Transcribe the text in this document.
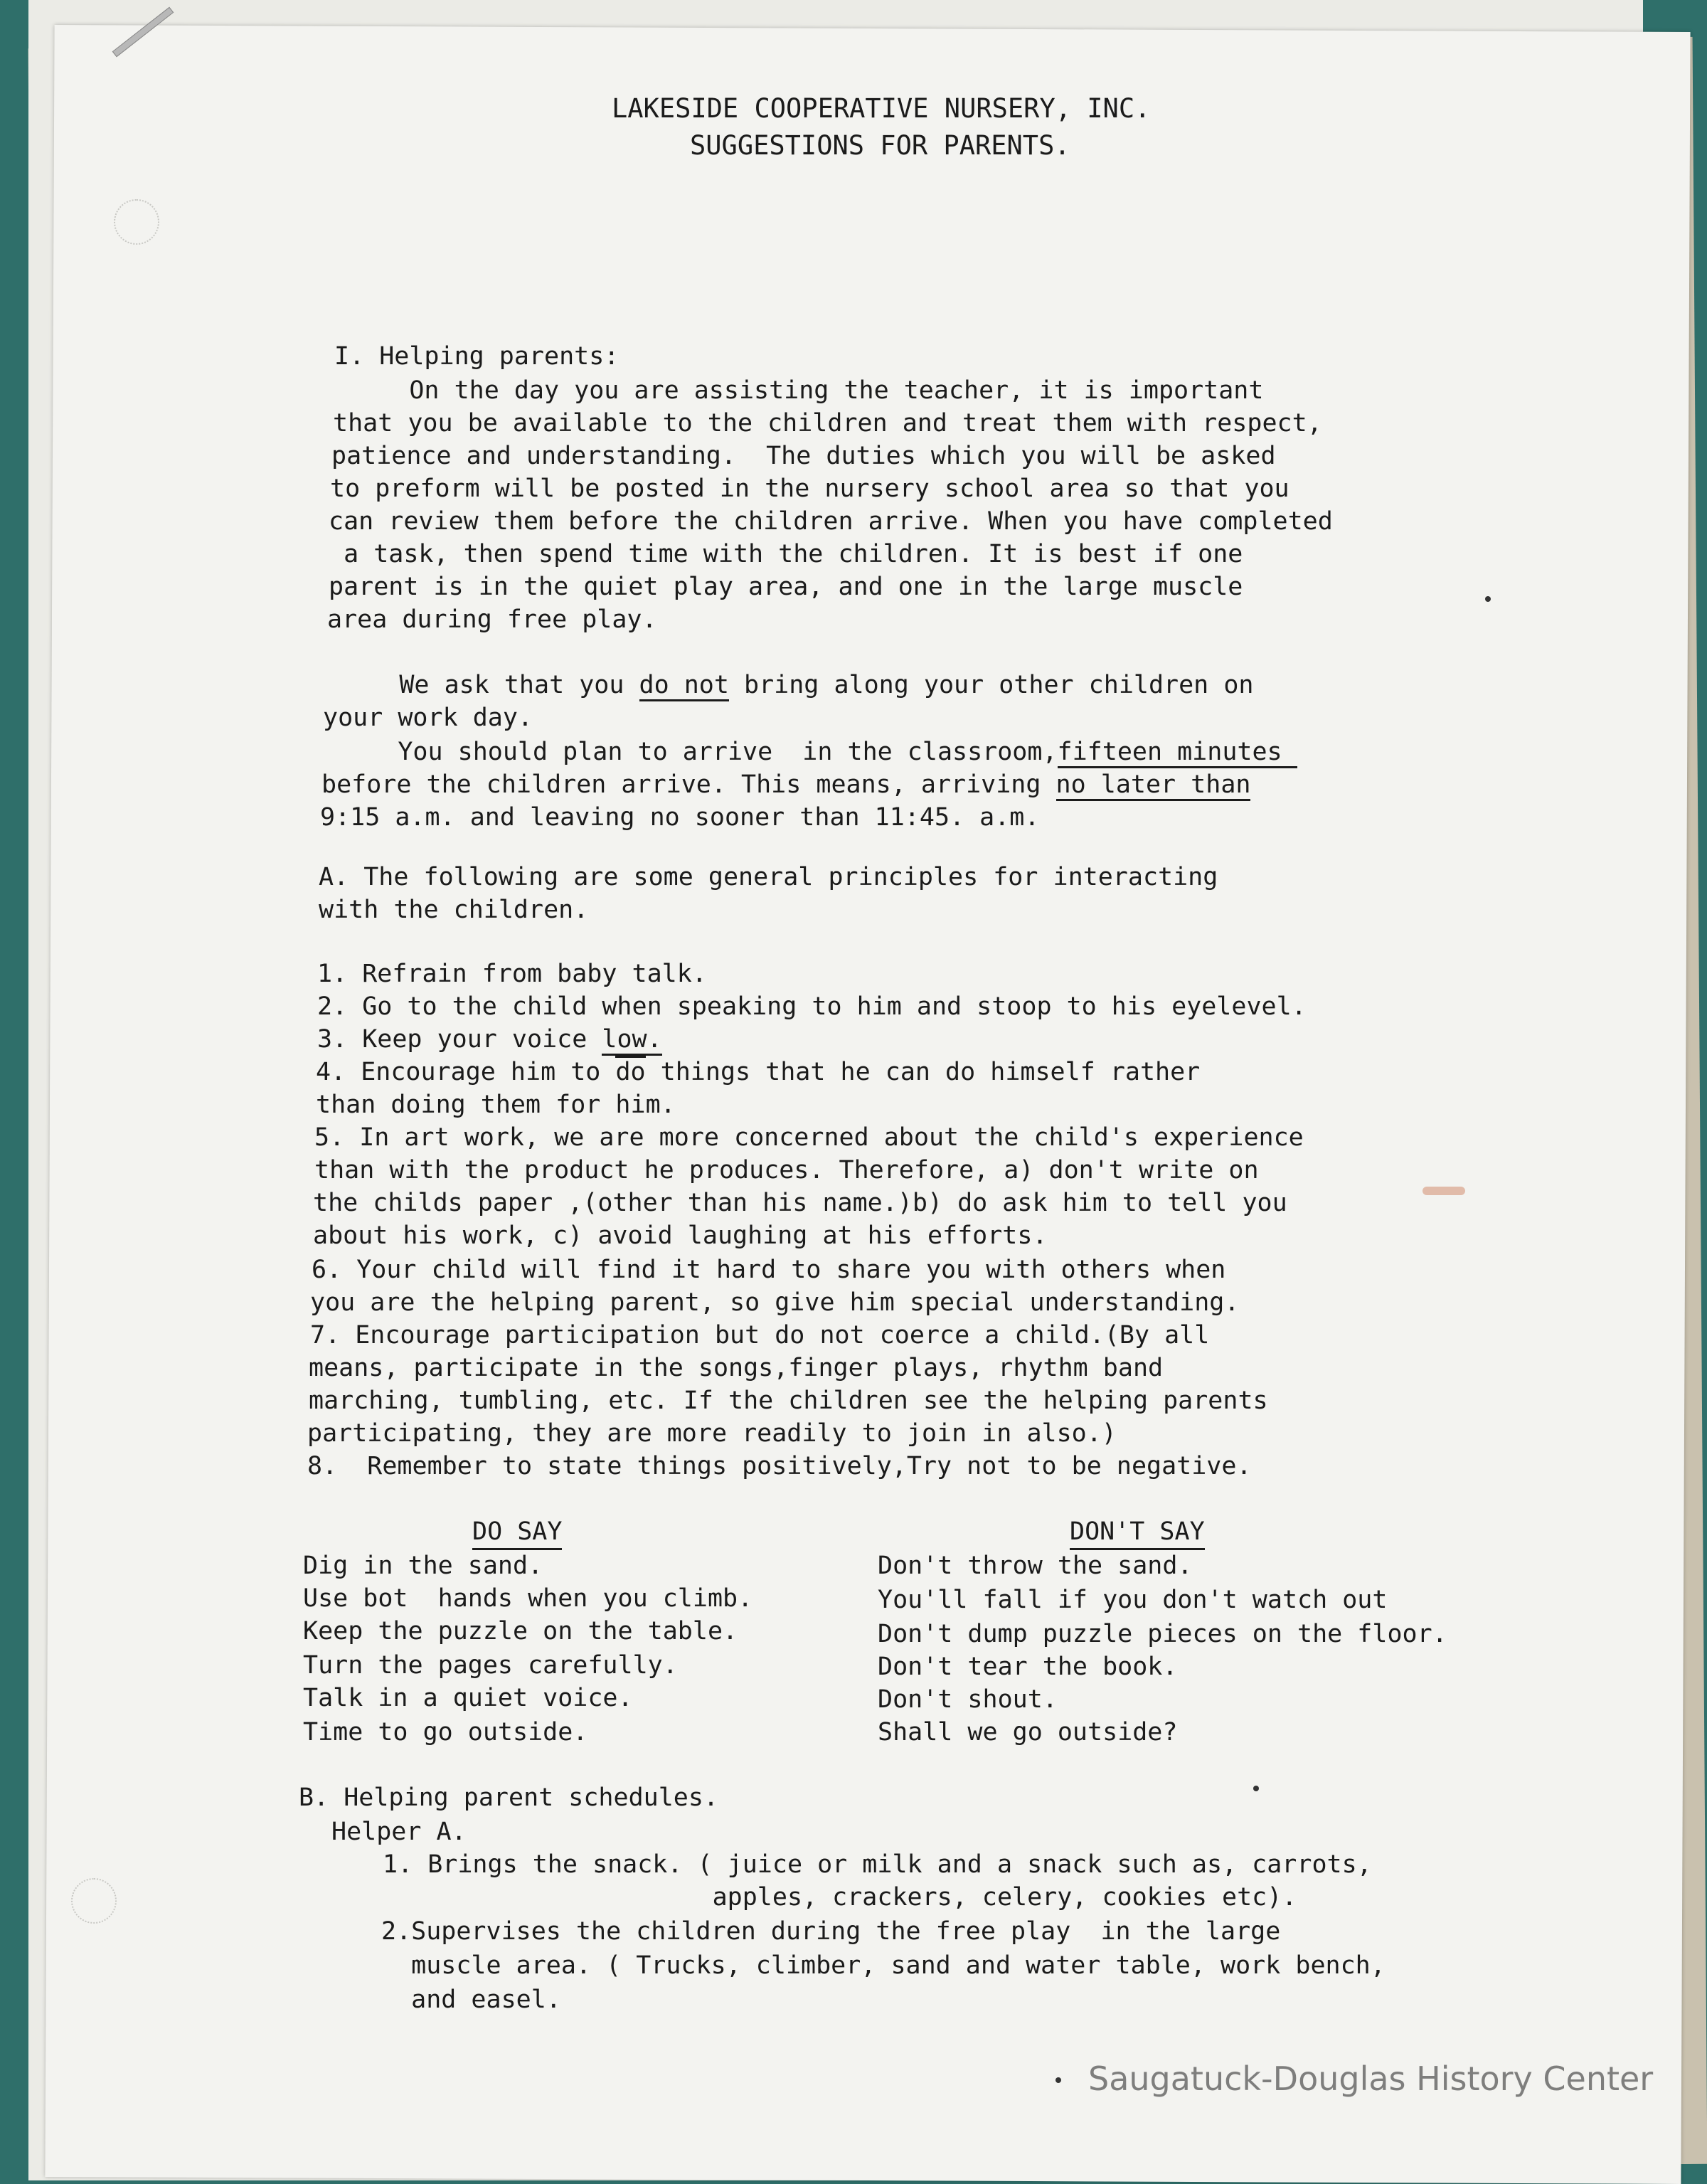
LAKESIDE COOPERATIVE NURSERY, INC.
SUGGESTIONS FOR PARENTS.
I. Helping parents:
On the day you are assisting the teacher, it is important
that you be available to the children and treat them with respect,
patience and understanding.  The duties which you will be asked
to preform will be posted in the nursery school area so that you
can review them before the children arrive. When you have completed
a task, then spend time with the children. It is best if one
parent is in the quiet play area, and one in the large muscle
area during free play.
We ask that you do not bring along your other children on
your work day.
You should plan to arrive  in the classroom,fifteen minutes
before the children arrive. This means, arriving no later than
9:15 a.m. and leaving no sooner than 11:45. a.m.
A. The following are some general principles for interacting
with the children.
1. Refrain from baby talk.
2. Go to the child when speaking to him and stoop to his eyelevel.
3. Keep your voice low.
4. Encourage him to do things that he can do himself rather
than doing them for him.
5. In art work, we are more concerned about the child's experience
than with the product he produces. Therefore, a) don't write on
the childs paper ,(other than his name.)b) do ask him to tell you
about his work, c) avoid laughing at his efforts.
6. Your child will find it hard to share you with others when
you are the helping parent, so give him special understanding.
7. Encourage participation but do not coerce a child.(By all
means, participate in the songs,finger plays, rhythm band
marching, tumbling, etc. If the children see the helping parents
participating, they are more readily to join in also.)
8.  Remember to state things positively,Try not to be negative.
DO SAY
Dig in the sand.
Use bot  hands when you climb.
Keep the puzzle on the table.
Turn the pages carefully.
Talk in a quiet voice.
Time to go outside.
DON'T SAY
Don't throw the sand.
You'll fall if you don't watch out
Don't dump puzzle pieces on the floor.
Don't tear the book.
Don't shout.
Shall we go outside?
B. Helping parent schedules.
Helper A.
1. Brings the snack. ( juice or milk and a snack such as, carrots,
apples, crackers, celery, cookies etc).
2.Supervises the children during the free play  in the large
muscle area. ( Trucks, climber, sand and water table, work bench,
and easel.
Saugatuck-Douglas History Center
